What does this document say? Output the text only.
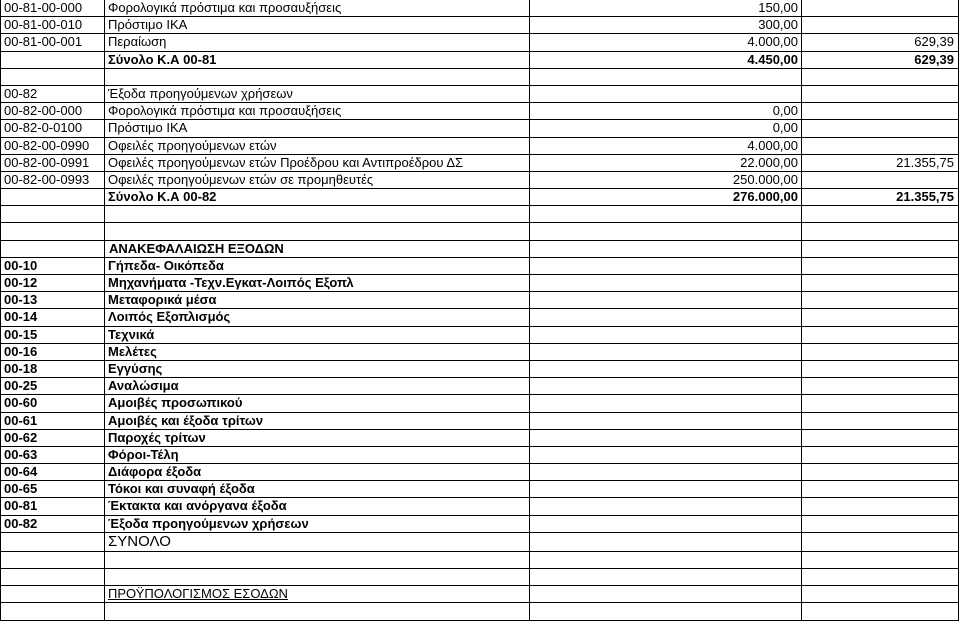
00-81-00-000	Φορολογικά πρόστιμα και προσαυξήσεις	150,00
00-81-00-010	Πρόστιμο ΙΚΑ	300,00
00-81-00-001	Περαίωση	4.000,00	629,39
Σύνολο Κ.Α 00-81	4.450,00	629,39
00-82	Έξοδα προηγούμενων χρήσεων
00-82-00-000	Φορολογικά πρόστιμα και προσαυξήσεις	0,00
00-82-0-0100	Πρόστιμο ΙΚΑ	0,00
00-82-00-0990	Οφειλές προηγούμενων ετών	4.000,00
00-82-00-0991	Οφειλές προηγούμενων ετών Προέδρου και Αντιπροέδρου ΔΣ	22.000,00	21.355,75
00-82-00-0993	Οφειλές προηγούμενων ετών σε προμηθευτές	250.000,00
Σύνολο Κ.Α 00-82	276.000,00	21.355,75
ΑΝΑΚΕΦΑΛΑΙΩΣΗ ΕΞΟΔΩΝ
00-10	Γήπεδα- Οικόπεδα
00-12	Μηχανήματα -Τεχν.Εγκατ-Λοιπός Εξοπλ
00-13	Μεταφορικά μέσα
00-14	Λοιπός Εξοπλισμός
00-15	Τεχνικά
00-16	Μελέτες
00-18	Εγγύσης
00-25	Αναλώσιμα
00-60	Αμοιβές προσωπικού
00-61	Αμοιβές και έξοδα τρίτων
00-62	Παροχές τρίτων
00-63	Φόροι-Τέλη
00-64	Διάφορα έξοδα
00-65	Τόκοι και συναφή έξοδα
00-81	Έκτακτα και ανόργανα έξοδα
00-82	Έξοδα προηγούμενων χρήσεων
ΣΥΝΟΛΟ
ΠΡΟΫΠΟΛΟΓΙΣΜΟΣ ΕΣΟΔΩΝ
